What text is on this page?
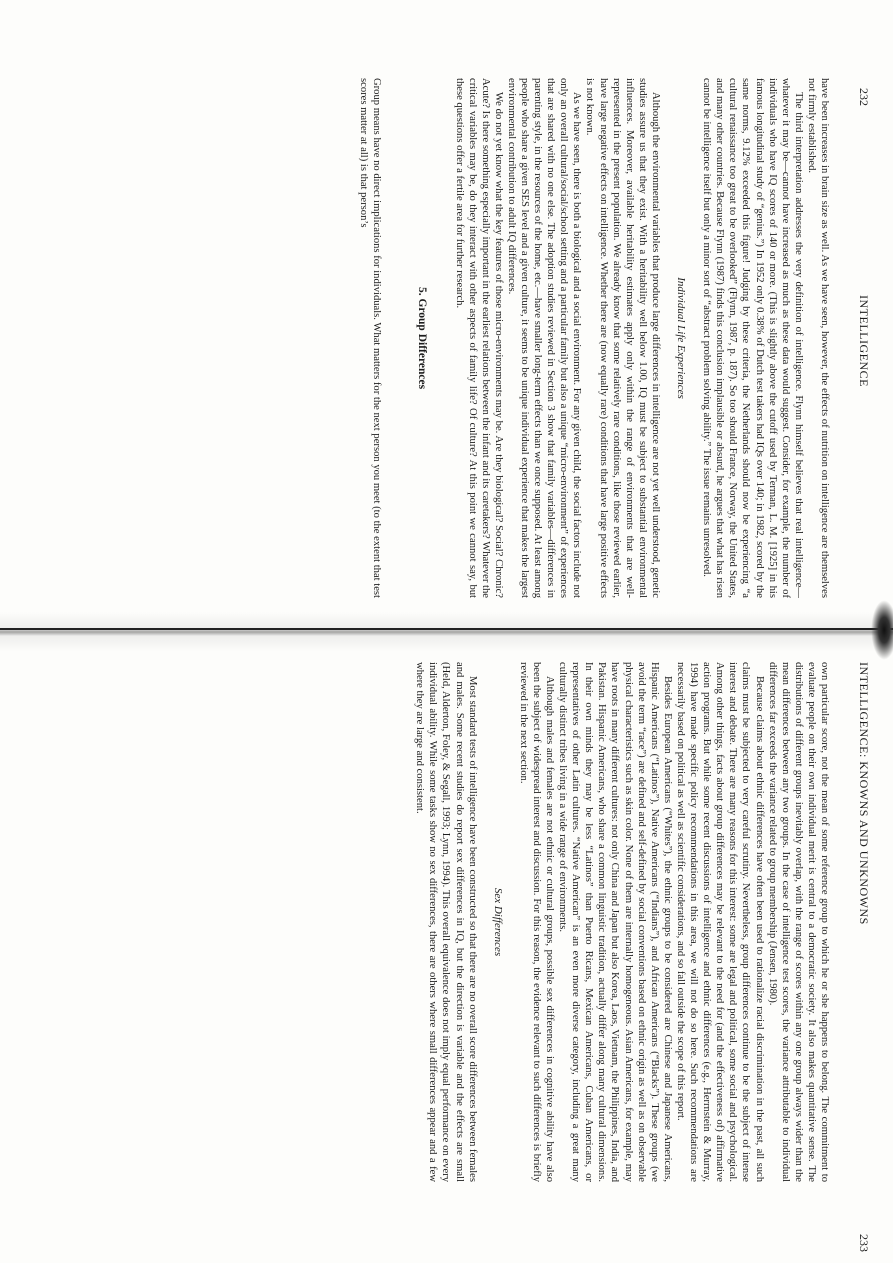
232
INTELLIGENCE

have been increases in brain size as well. As we have seen, however, the effects of nutrition on intelligence are themselves not firmly established.

The third interpretation addresses the very definition of intelligence. Flynn himself believes that real intelligence—whatever it may be—cannot have increased as much as these data would suggest. Consider, for example, the number of individuals who have IQ scores of 140 or more. (This is slightly above the cutoff used by Terman, L. M. [1925] in his famous longitudinal study of “genius.”) In 1952 only 0.38% of Dutch test takers had IQs over 140; in 1982, scored by the same norms, 9.12% exceeded this figure! Judging by these criteria, the Netherlands should now be experiencing “a cultural renaissance too great to be overlooked” (Flynn, 1987, p. 187). So too should France, Norway, the United States, and many other countries. Because Flynn (1987) finds this conclusion implausible or absurd, he argues that what has risen cannot be intelligence itself but only a minor sort of “abstract problem solving ability.” The issue remains unresolved.

Individual Life Experiences

Although the environmental variables that produce large differences in intelligence are not yet well understood, genetic studies assure us that they exist. With a heritability well below 1.00, IQ must be subject to substantial environmental influences. Moreover, available heritability estimates apply only within the range of environments that are well-represented in the present population. We already know that some relatively rare conditions, like those reviewed earlier, have large negative effects on intelligence. Whether there are (now equally rare) conditions that have large positive effects is not known.

As we have seen, there is both a biological and a social environment. For any given child, the social factors include not only an overall cultural/social/school setting and a particular family but also a unique “micro-environment” of experiences that are shared with no one else. The adoption studies reviewed in Section 3 show that family variables—differences in parenting style, in the resources of the home, etc.—have smaller long-term effects than we once supposed. At least among people who share a given SES level and a given culture, it seems to be unique individual experience that makes the largest environmental contribution to adult IQ differences.

We do not yet know what the key features of those micro-environments may be. Are they biological? Social? Chronic? Acute? Is there something especially important in the earliest relations between the infant and its caretakers? Whatever the critical variables may be, do they interact with other aspects of family life? Of culture? At this point we cannot say, but these questions offer a fertile area for further research.

5. Group Differences

Group means have no direct implications for individuals. What matters for the next person you meet (to the extent that test scores matter at all) is that person’s

INTELLIGENCE: KNOWNS AND UNKNOWNS
233

own particular score, not the mean of some reference group to which he or she happens to belong. The commitment to evaluate people on their own individual merit is central to a democratic society. It also makes quantitative sense. The distributions of different groups inevitably overlap, with the range of scores within any one group always wider than the mean differences between any two groups. In the case of intelligence test scores, the variance attributable to individual differences far exceeds the variance related to group membership (Jensen, 1980).

Because claims about ethnic differences have often been used to rationalize racial discrimination in the past, all such claims must be subjected to very careful scrutiny. Nevertheless, group differences continue to be the subject of intense interest and debate. There are many reasons for this interest: some are legal and political, some social and psychological. Among other things, facts about group differences may be relevant to the need for (and the effectiveness of) affirmative action programs. But while some recent discussions of intelligence and ethnic differences (e.g., Herrnstein & Murray, 1994) have made specific policy recommendations in this area, we will not do so here. Such recommendations are necessarily based on political as well as scientific considerations, and so fall outside the scope of this report.

Besides European Americans (“Whites”), the ethnic groups to be considered are Chinese and Japanese Americans, Hispanic Americans (“Latinos”), Native Americans (“Indians”), and African Americans (“Blacks”). These groups (we avoid the term “race”) are defined and self-defined by social conventions based on ethnic origin as well as on observable physical characteristics such as skin color. None of them are internally homogeneous. Asian Americans, for example, may have roots in many different cultures: not only China and Japan but also Korea, Laos, Vietnam, the Philippines, India, and Pakistan. Hispanic Americans, who share a common linguistic tradition, actually differ along many cultural dimensions. In their own minds they may be less “Latinos” than Puerto Ricans, Mexican Americans, Cuban Americans, or representatives of other Latin cultures. “Native American” is an even more diverse category, including a great many culturally distinct tribes living in a wide range of environments.

Although males and females are not ethnic or cultural groups, possible sex differences in cognitive ability have also been the subject of widespread interest and discussion. For this reason, the evidence relevant to such differences is briefly reviewed in the next section.

Sex Differences

Most standard tests of intelligence have been constructed so that there are no overall score differences between females and males. Some recent studies do report sex differences in IQ, but the direction is variable and the effects are small (Held, Alderton, Foley, & Segall, 1993; Lynn, 1994). This overall equivalence does not imply equal performance on every individual ability. While some tasks show no sex differences, there are others where small differences appear and a few where they are large and consistent.
